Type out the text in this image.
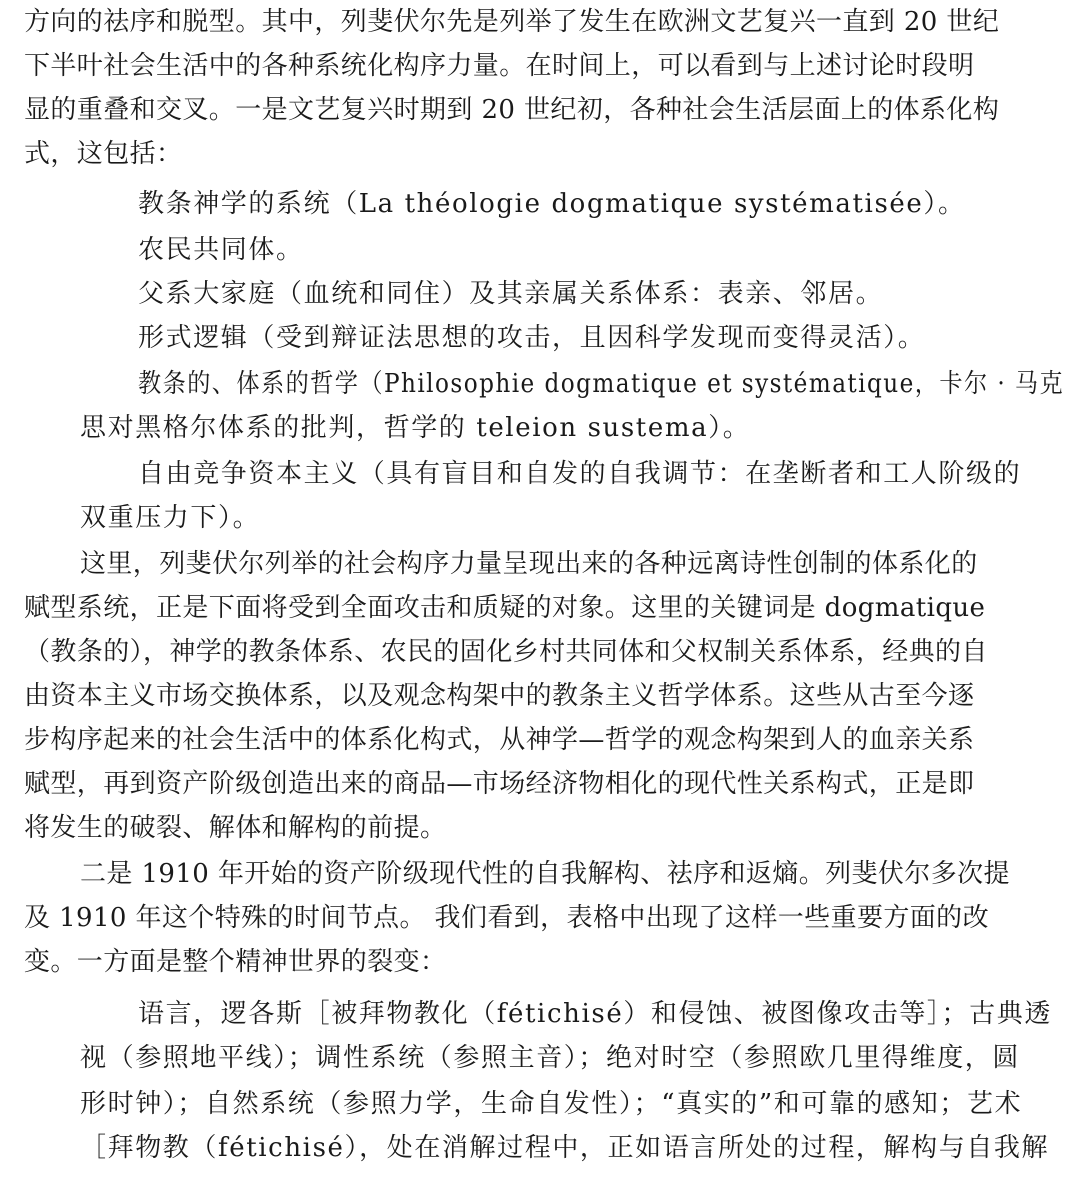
方向的祛序和脱型。其中，列斐伏尔先是列举了发生在欧洲文艺复兴一直到 20 世纪
下半叶社会生活中的各种系统化构序力量。在时间上，可以看到与上述讨论时段明
显的重叠和交叉。一是文艺复兴时期到 20 世纪初，各种社会生活层面上的体系化构
式，这包括：
教条神学的系统（La théologie dogmatique systématisée）。
农民共同体。
父系大家庭（血统和同住）及其亲属关系体系：表亲、邻居。
形式逻辑（受到辩证法思想的攻击，且因科学发现而变得灵活）。
教条的、体系的哲学（Philosophie dogmatique et systématique，卡尔 · 马克
思对黑格尔体系的批判，哲学的 teleion sustema）。
自由竞争资本主义（具有盲目和自发的自我调节：在垄断者和工人阶级的
双重压力下）。
这里，列斐伏尔列举的社会构序力量呈现出来的各种远离诗性创制的体系化的
赋型系统，正是下面将受到全面攻击和质疑的对象。这里的关键词是 dogmatique
（教条的），神学的教条体系、农民的固化乡村共同体和父权制关系体系，经典的自
由资本主义市场交换体系，以及观念构架中的教条主义哲学体系。这些从古至今逐
步构序起来的社会生活中的体系化构式，从神学—哲学的观念构架到人的血亲关系
赋型，再到资产阶级创造出来的商品—市场经济物相化的现代性关系构式，正是即
将发生的破裂、解体和解构的前提。
二是 1910 年开始的资产阶级现代性的自我解构、祛序和返熵。列斐伏尔多次提
及 1910 年这个特殊的时间节点。 我们看到，表格中出现了这样一些重要方面的改
变。一方面是整个精神世界的裂变：
语言，逻各斯［被拜物教化（fétichisé）和侵蚀、被图像攻击等］；古典透
视（参照地平线）；调性系统（参照主音）；绝对时空（参照欧几里得维度，圆
形时钟）；自然系统（参照力学，生命自发性）；“真实的”和可靠的感知；艺术
［拜物教（fétichisé），处在消解过程中，正如语言所处的过程，解构与自我解
